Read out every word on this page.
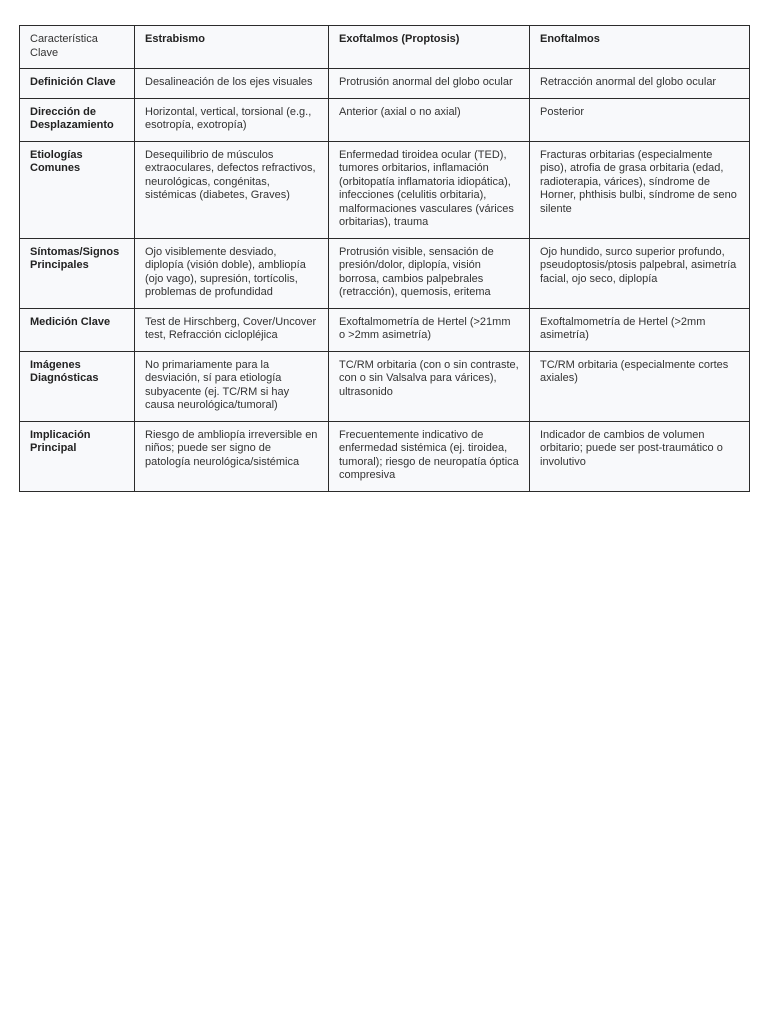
Característica Clave	Estrabismo	Exoftalmos (Proptosis)	Enoftalmos
Definición Clave	Desalineación de los ejes visuales	Protrusión anormal del globo ocular	Retracción anormal del globo ocular
Dirección de Desplazamiento	Horizontal, vertical, torsional (e.g., esotropía, exotropía)	Anterior (axial o no axial)	Posterior
Etiologías Comunes	Desequilibrio de músculos extraoculares, defectos refractivos, neurológicas, congénitas, sistémicas (diabetes, Graves)	Enfermedad tiroidea ocular (TED), tumores orbitarios, inflamación (orbitopatía inflamatoria idiopática), infecciones (celulitis orbitaria), malformaciones vasculares (várices orbitarias), trauma	Fracturas orbitarias (especialmente piso), atrofia de grasa orbitaria (edad, radioterapia, várices), síndrome de Horner, phthisis bulbi, síndrome de seno silente
Síntomas/Signos Principales	Ojo visiblemente desviado, diplopía (visión doble), ambliopía (ojo vago), supresión, tortícolis, problemas de profundidad	Protrusión visible, sensación de presión/dolor, diplopía, visión borrosa, cambios palpebrales (retracción), quemosis, eritema	Ojo hundido, surco superior profundo, pseudoptosis/ptosis palpebral, asimetría facial, ojo seco, diplopía
Medición Clave	Test de Hirschberg, Cover/Uncover test, Refracción ciclopléjica	Exoftalmometría de Hertel (>21mm o >2mm asimetría)	Exoftalmometría de Hertel (>2mm asimetría)
Imágenes Diagnósticas	No primariamente para la desviación, sí para etiología subyacente (ej. TC/RM si hay causa neurológica/tumoral)	TC/RM orbitaria (con o sin contraste, con o sin Valsalva para várices), ultrasonido	TC/RM orbitaria (especialmente cortes axiales)
Implicación Principal	Riesgo de ambliopía irreversible en niños; puede ser signo de patología neurológica/sistémica	Frecuentemente indicativo de enfermedad sistémica (ej. tiroidea, tumoral); riesgo de neuropatía óptica compresiva	Indicador de cambios de volumen orbitario; puede ser post-traumático o involutivo
